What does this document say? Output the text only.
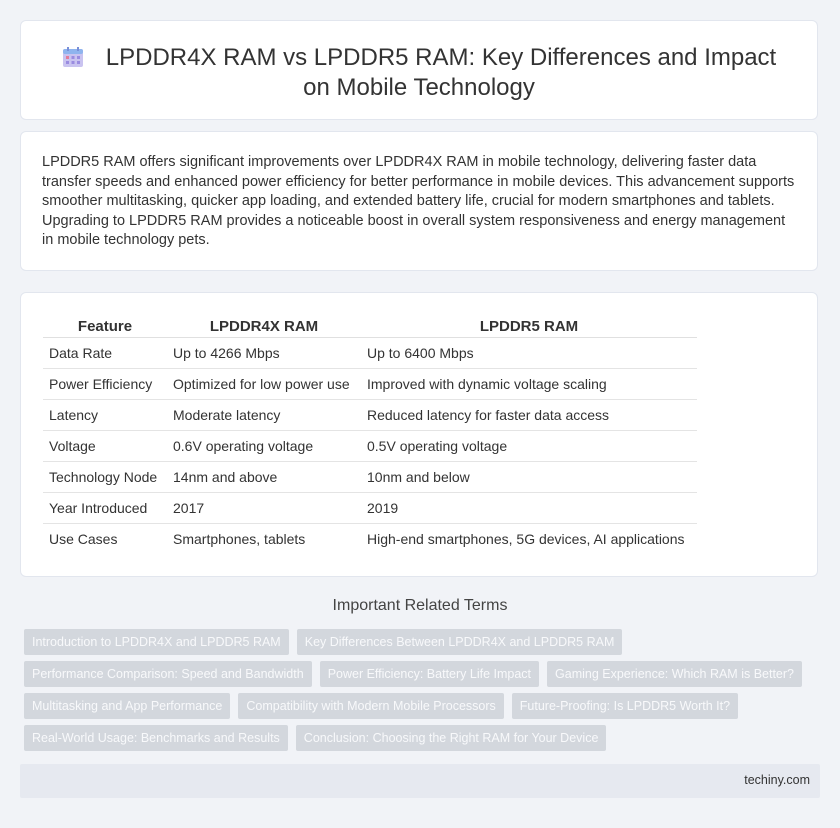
LPDDR4X RAM vs LPDDR5 RAM: Key Differences and Impact on Mobile Technology

LPDDR5 RAM offers significant improvements over LPDDR4X RAM in mobile technology, delivering faster data transfer speeds and enhanced power efficiency for better performance in mobile devices. This advancement supports smoother multitasking, quicker app loading, and extended battery life, crucial for modern smartphones and tablets. Upgrading to LPDDR5 RAM provides a noticeable boost in overall system responsiveness and energy management in mobile technology pets.

Feature	LPDDR4X RAM	LPDDR5 RAM
Data Rate	Up to 4266 Mbps	Up to 6400 Mbps
Power Efficiency	Optimized for low power use	Improved with dynamic voltage scaling
Latency	Moderate latency	Reduced latency for faster data access
Voltage	0.6V operating voltage	0.5V operating voltage
Technology Node	14nm and above	10nm and below
Year Introduced	2017	2019
Use Cases	Smartphones, tablets	High-end smartphones, 5G devices, AI applications
Important Related Terms
Introduction to LPDDR4X and LPDDR5 RAM	Key Differences Between LPDDR4X and LPDDR5 RAM
Performance Comparison: Speed and Bandwidth	Power Efficiency: Battery Life Impact	Gaming Experience: Which RAM is Better?
Multitasking and App Performance	Compatibility with Modern Mobile Processors	Future-Proofing: Is LPDDR5 Worth It?
Real-World Usage: Benchmarks and Results	Conclusion: Choosing the Right RAM for Your Device
techiny.com
